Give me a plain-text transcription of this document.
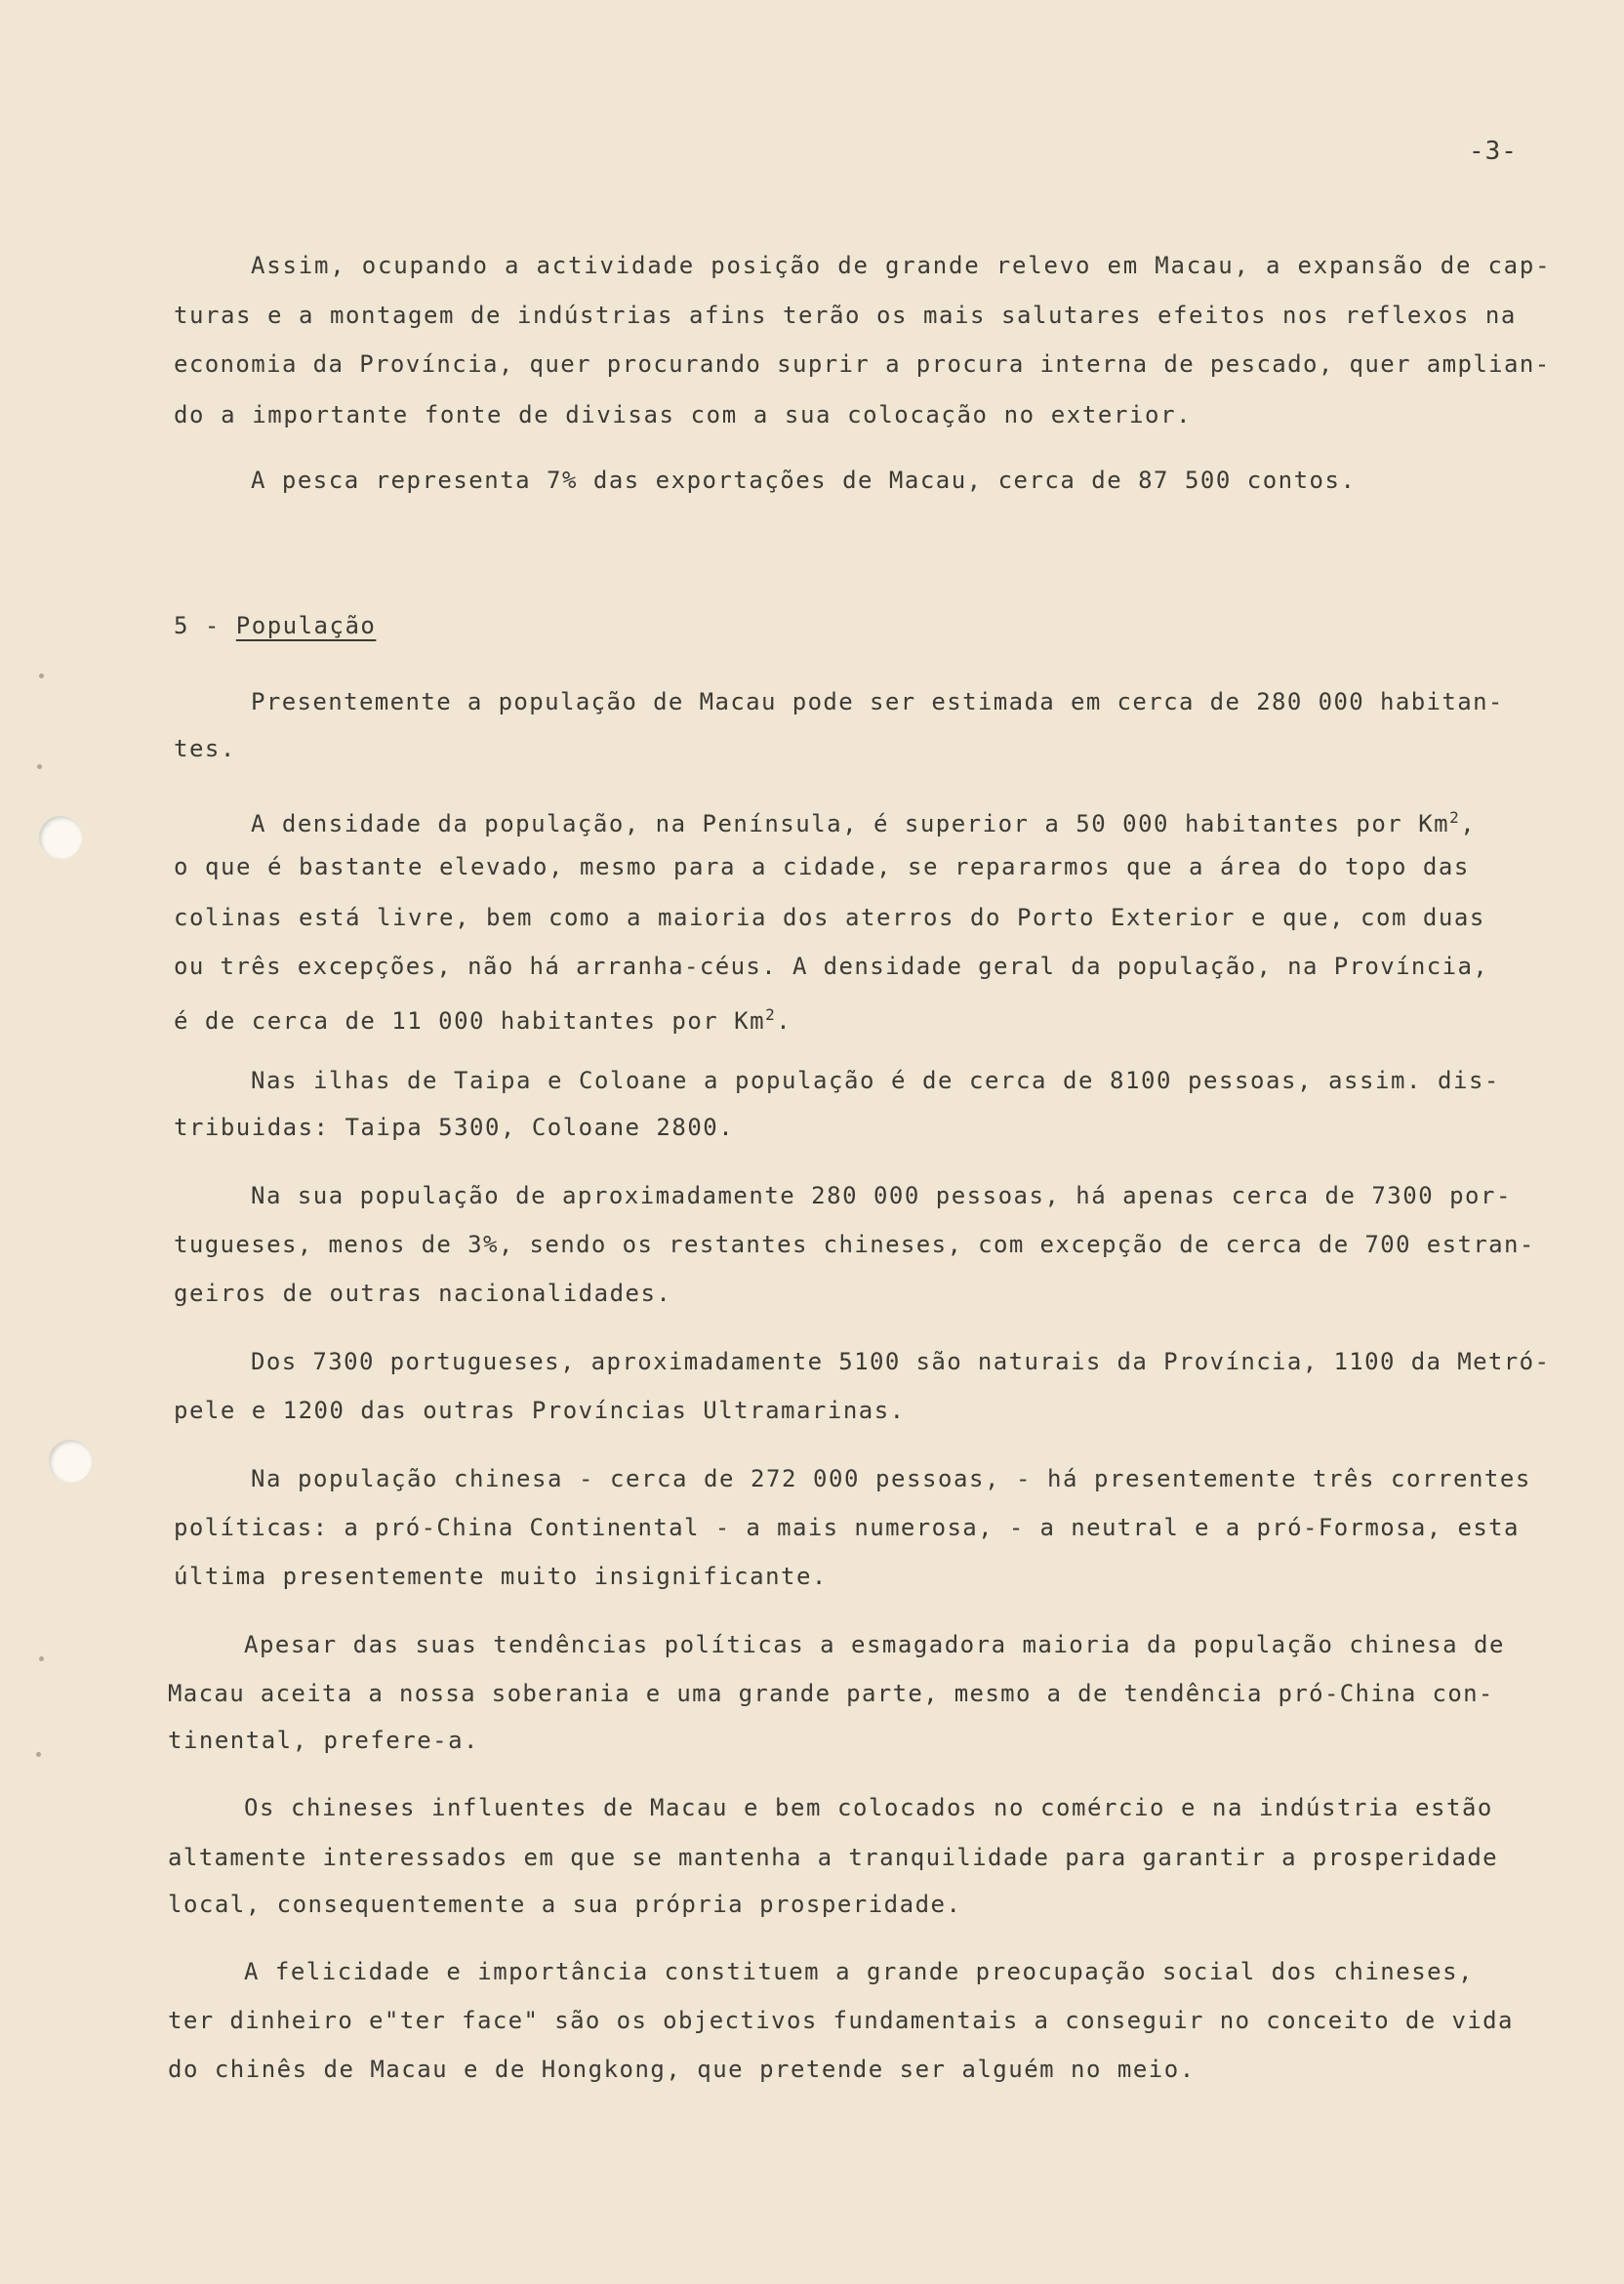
-3-
Assim, ocupando a actividade posição de grande relevo em Macau, a expansão de cap-
turas e a montagem de indústrias afins terão os mais salutares efeitos nos reflexos na
economia da Província, quer procurando suprir a procura interna de pescado, quer amplian-
do a importante fonte de divisas com a sua colocação no exterior.
A pesca representa 7% das exportações de Macau, cerca de 87 500 contos.
5 - População
Presentemente a população de Macau pode ser estimada em cerca de 280 000 habitan-
tes.
A densidade da população, na Península, é superior a 50 000 habitantes por Km$^2$,
o que é bastante elevado, mesmo para a cidade, se repararmos que a área do topo das
colinas está livre, bem como a maioria dos aterros do Porto Exterior e que, com duas
ou três excepções, não há arranha-céus. A densidade geral da população, na Província,
é de cerca de 11 000 habitantes por Km$^2$.
Nas ilhas de Taipa e Coloane a população é de cerca de 8100 pessoas, assim. dis-
tribuidas: Taipa 5300, Coloane 2800.
Na sua população de aproximadamente 280 000 pessoas, há apenas cerca de 7300 por-
tugueses, menos de 3%, sendo os restantes chineses, com excepção de cerca de 700 estran-
geiros de outras nacionalidades.
Dos 7300 portugueses, aproximadamente 5100 são naturais da Província, 1100 da Metró-
pele e 1200 das outras Províncias Ultramarinas.
Na população chinesa - cerca de 272 000 pessoas, - há presentemente três correntes
políticas: a pró-China Continental - a mais numerosa, - a neutral e a pró-Formosa, esta
última presentemente muito insignificante.
Apesar das suas tendências políticas a esmagadora maioria da população chinesa de
Macau aceita a nossa soberania e uma grande parte, mesmo a de tendência pró-China con-
tinental, prefere-a.
Os chineses influentes de Macau e bem colocados no comércio e na indústria estão
altamente interessados em que se mantenha a tranquilidade para garantir a prosperidade
local, consequentemente a sua própria prosperidade.
A felicidade e importância constituem a grande preocupação social dos chineses,
ter dinheiro e"ter face" são os objectivos fundamentais a conseguir no conceito de vida
do chinês de Macau e de Hongkong, que pretende ser alguém no meio.
